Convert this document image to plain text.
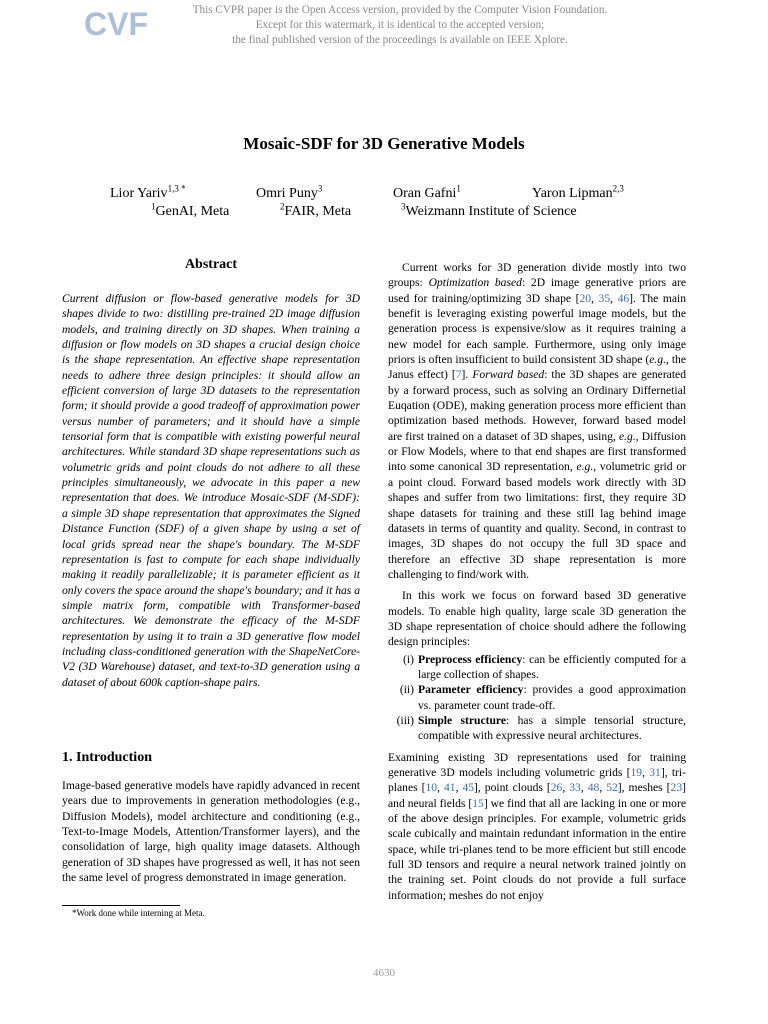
CVF	This CVPR paper is the Open Access version, provided by the Computer Vision Foundation.
Except for this watermark, it is identical to the accepted version;
the final published version of the proceedings is available on IEEE Xplore.
Mosaic-SDF for 3D Generative Models
Lior Yariv$^{1,3 *}$	Omri Puny$^3$	Oran Gafni$^1$	Yaron Lipman$^{2,3}$
$^1$GenAI, Meta	$^2$FAIR, Meta	$^3$Weizmann Institute of Science
Abstract
Current diffusion or flow-based generative models for 3D shapes divide to two: distilling pre-trained 2D image diffusion models, and training directly on 3D shapes. When training a diffusion or flow models on 3D shapes a crucial design choice is the shape representation. An effective shape representation needs to adhere three design principles: it should allow an efficient conversion of large 3D datasets to the representation form; it should provide a good tradeoff of approximation power versus number of parameters; and it should have a simple tensorial form that is compatible with existing powerful neural architectures. While standard 3D shape representations such as volumetric grids and point clouds do not adhere to all these principles simultaneously, we advocate in this paper a new representation that does. We introduce Mosaic-SDF (M-SDF): a simple 3D shape representation that approximates the Signed Distance Function (SDF) of a given shape by using a set of local grids spread near the shape's boundary. The M-SDF representation is fast to compute for each shape individually making it readily parallelizable; it is parameter efficient as it only covers the space around the shape's boundary; and it has a simple matrix form, compatible with Transformer-based architectures. We demonstrate the efficacy of the M-SDF representation by using it to train a 3D generative flow model including class-conditioned generation with the ShapeNetCore-V2 (3D Warehouse) dataset, and text-to-3D generation using a dataset of about 600k caption-shape pairs.
1. Introduction
Image-based generative models have rapidly advanced in recent years due to improvements in generation methodologies (e.g., Diffusion Models), model architecture and conditioning (e.g., Text-to-Image Models, Attention/Transformer layers), and the consolidation of large, high quality image datasets. Although generation of 3D shapes have progressed as well, it has not seen the same level of progress demonstrated in image generation.
*Work done while interning at Meta.

Current works for 3D generation divide mostly into two groups: Optimization based: 2D image generative priors are used for training/optimizing 3D shape [20, 35, 46]. The main benefit is leveraging existing powerful image models, but the generation process is expensive/slow as it requires training a new model for each sample. Furthermore, using only image priors is often insufficient to build consistent 3D shape (e.g., the Janus effect) [7]. Forward based: the 3D shapes are generated by a forward process, such as solving an Ordinary Differnetial Euqation (ODE), making generation process more efficient than optimization based methods. However, forward based model are first trained on a dataset of 3D shapes, using, e.g., Diffusion or Flow Models, where to that end shapes are first transformed into some canonical 3D representation, e.g., volumetric grid or a point cloud. Forward based models work directly with 3D shapes and suffer from two limitations: first, they require 3D shape datasets for training and these still lag behind image datasets in terms of quantity and quality. Second, in contrast to images, 3D shapes do not occupy the full 3D space and therefore an effective 3D shape representation is more challenging to find/work with.

In this work we focus on forward based 3D generative models. To enable high quality, large scale 3D generation the 3D shape representation of choice should adhere the following design principles:

(i) Preprocess efficiency: can be efficiently computed for a large collection of shapes.
(ii) Parameter efficiency: provides a good approximation vs. parameter count trade-off.
(iii) Simple structure: has a simple tensorial structure, compatible with expressive neural architectures.

Examining existing 3D representations used for training generative 3D models including volumetric grids [19, 31], tri-planes [10, 41, 45], point clouds [26, 33, 48, 52], meshes [23] and neural fields [15] we find that all are lacking in one or more of the above design principles. For example, volumetric grids scale cubically and maintain redundant information in the entire space, while tri-planes tend to be more efficient but still encode full 3D tensors and require a neural network trained jointly on the training set. Point clouds do not provide a full surface information; meshes do not enjoy

4630
